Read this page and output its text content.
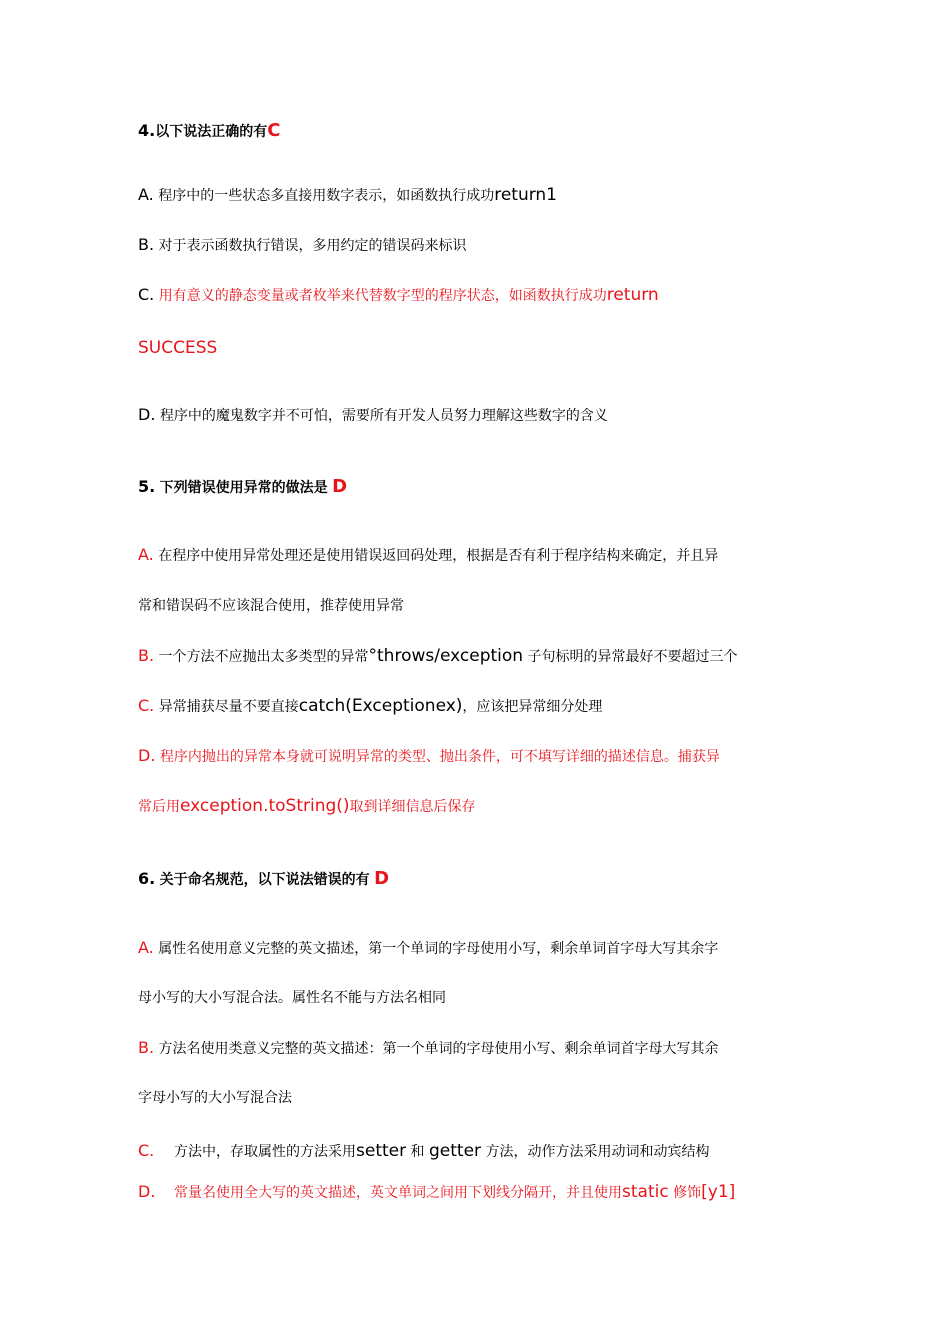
4.以下说法正确的有C
A. 程序中的一些状态多直接用数字表示，如函数执行成功return1
B. 对于表示函数执行错误，多用约定的错误码来标识
C. 用有意义的静态变量或者枚举来代替数字型的程序状态，如函数执行成功return
SUCCESS
D. 程序中的魔鬼数字并不可怕，需要所有开发人员努力理解这些数字的含义
5. 下列错误使用异常的做法是 D
A. 在程序中使用异常处理还是使用错误返回码处理，根据是否有利于程序结构来确定，并且异
常和错误码不应该混合使用，推荐使用异常
B. 一个方法不应抛出太多类型的异常°throws/exception 子句标明的异常最好不要超过三个
C. 异常捕获尽量不要直接catch(Exceptionex)，应该把异常细分处理
D. 程序内抛出的异常本身就可说明异常的类型、抛出条件，可不填写详细的描述信息。捕获异
常后用exception.toString()取到详细信息后保存
6. 关于命名规范，以下说法错误的有 D
A. 属性名使用意义完整的英文描述，第一个单词的字母使用小写，剩余单词首字母大写其余字
母小写的大小写混合法。属性名不能与方法名相同
B. 方法名使用类意义完整的英文描述：第一个单词的字母使用小写、剩余单词首字母大写其余
字母小写的大小写混合法
C. 方法中，存取属性的方法采用setter 和 getter 方法，动作方法采用动词和动宾结构
D. 常量名使用全大写的英文描述，英文单词之间用下划线分隔开，并且使用static 修饰[y1]
